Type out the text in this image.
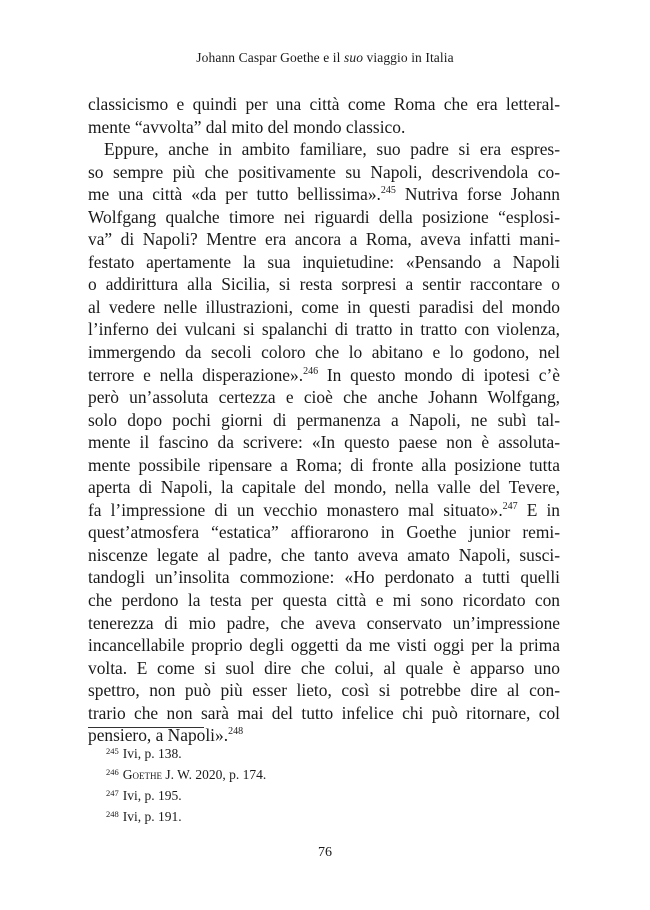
Johann Caspar Goethe e il suo viaggio in Italia
classicismo e quindi per una città come Roma che era letteral-
mente “avvolta” dal mito del mondo classico.
Eppure, anche in ambito familiare, suo padre si era espres-
so sempre più che positivamente su Napoli, descrivendola co-
me una città «da per tutto bellissima».$^{245}$ Nutriva forse Johann
Wolfgang qualche timore nei riguardi della posizione “esplosi-
va” di Napoli? Mentre era ancora a Roma, aveva infatti mani-
festato apertamente la sua inquietudine: «Pensando a Napoli
o addirittura alla Sicilia, si resta sorpresi a sentir raccontare o
al vedere nelle illustrazioni, come in questi paradisi del mondo
l’inferno dei vulcani si spalanchi di tratto in tratto con violenza,
immergendo da secoli coloro che lo abitano e lo godono, nel
terrore e nella disperazione».$^{246}$ In questo mondo di ipotesi c’è
però un’assoluta certezza e cioè che anche Johann Wolfgang,
solo dopo pochi giorni di permanenza a Napoli, ne subì tal-
mente il fascino da scrivere: «In questo paese non è assoluta-
mente possibile ripensare a Roma; di fronte alla posizione tutta
aperta di Napoli, la capitale del mondo, nella valle del Tevere,
fa l’impressione di un vecchio monastero mal situato».$^{247}$ E in
quest’atmosfera “estatica” affiorarono in Goethe junior remi-
niscenze legate al padre, che tanto aveva amato Napoli, susci-
tandogli un’insolita commozione: «Ho perdonato a tutti quelli
che perdono la testa per questa città e mi sono ricordato con
tenerezza di mio padre, che aveva conservato un’impressione
incancellabile proprio degli oggetti da me visti oggi per la prima
volta. E come si suol dire che colui, al quale è apparso uno
spettro, non può più esser lieto, così si potrebbe dire al con-
trario che non sarà mai del tutto infelice chi può ritornare, col
pensiero, a Napoli».$^{248}$
$^{245}$ Ivi, p. 138.
$^{246}$ Goethe J. W. 2020, p. 174.
$^{247}$ Ivi, p. 195.
$^{248}$ Ivi, p. 191.
76
